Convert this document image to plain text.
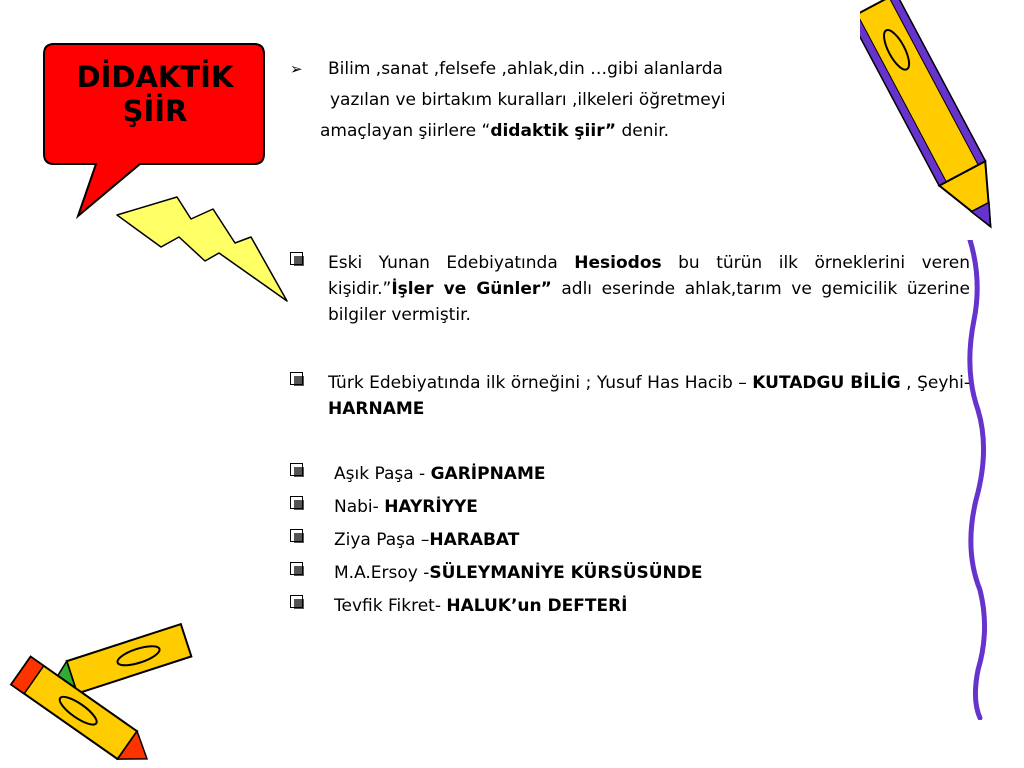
DİDAKTİK
ŞİİR
➢	Bilim ,sanat ,felsefe ,ahlak,din …gibi alanlarda
yazılan ve birtakım kuralları ,ilkeleri öğretmeyi
amaçlayan şiirlere “didaktik şiir” denir.
Eski Yunan Edebiyatında Hesiodos bu türün ilk örneklerini veren kişidir.”İşler ve Günler” adlı eserinde ahlak,tarım ve gemicilik üzerine bilgiler vermiştir.
Türk Edebiyatında ilk örneğini ; Yusuf Has Hacib – KUTADGU BİLİG , Şeyhi-HARNAME
Aşık Paşa - GARİPNAME
Nabi- HAYRİYYE
Ziya Paşa –HARABAT
M.A.Ersoy -SÜLEYMANİYE KÜRSÜSÜNDE
Tevfik Fikret- HALUK’un DEFTERİ
